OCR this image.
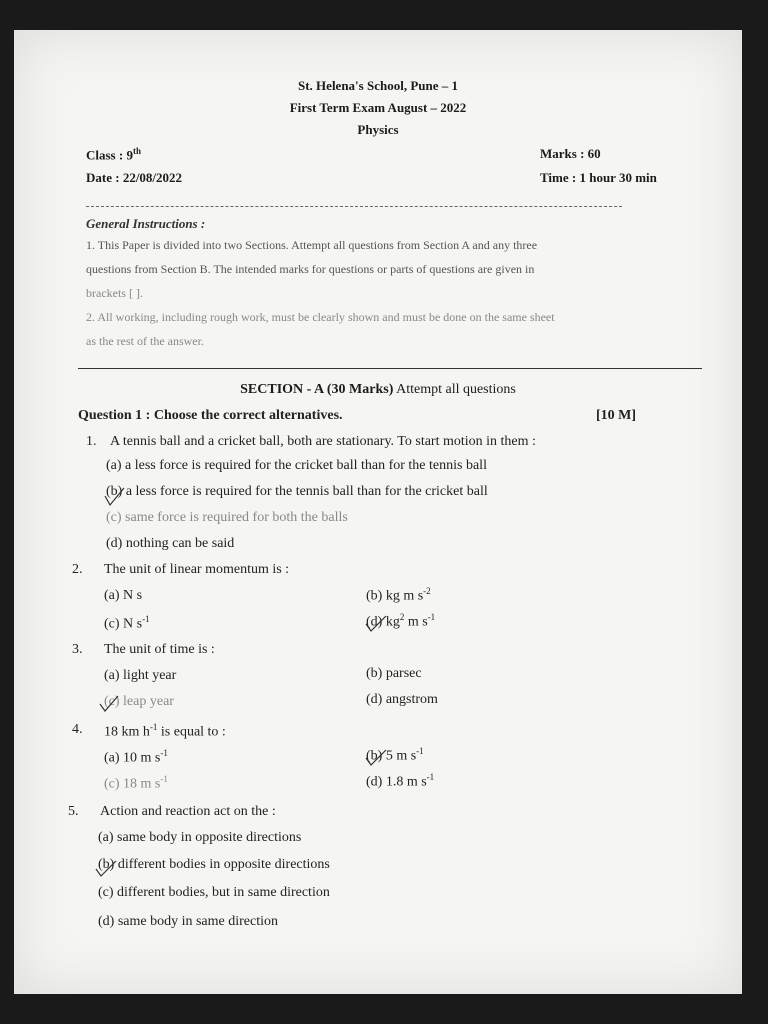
St. Helena's School, Pune – 1
First Term Exam August – 2022
Physics
Class : 9th	Marks : 60
Date : 22/08/2022	Time : 1 hour 30 min
General Instructions :
1. This Paper is divided into two Sections. Attempt all questions from Section A and any three
questions from Section B. The intended marks for questions or parts of questions are given in
brackets [ ].
2. All working, including rough work, must be clearly shown and must be done on the same sheet
as the rest of the answer.
SECTION - A (30 Marks) Attempt all questions
Question 1 : Choose the correct alternatives.	[10 M]
1. A tennis ball and a cricket ball, both are stationary. To start motion in them :
(a) a less force is required for the cricket ball than for the tennis ball
(b) a less force is required for the tennis ball than for the cricket ball
(c) same force is required for both the balls
(d) nothing can be said
2. The unit of linear momentum is :
(a) N s	(b) kg m $s^{-2}$
(c) N $s^{-1}$	(d) $kg^2$ m $s^{-1}$
3. The unit of time is :
(a) light year	(b) parsec
(c) leap year	(d) angstrom
4. 18 km $h^{-1}$ is equal to :
(a) 10 m $s^{-1}$	(b) 5 m $s^{-1}$
(c) 18 m $s^{-1}$	(d) 1.8 m $s^{-1}$
5. Action and reaction act on the :
(a) same body in opposite directions
(b) different bodies in opposite directions
(c) different bodies, but in same direction
(d) same body in same direction
